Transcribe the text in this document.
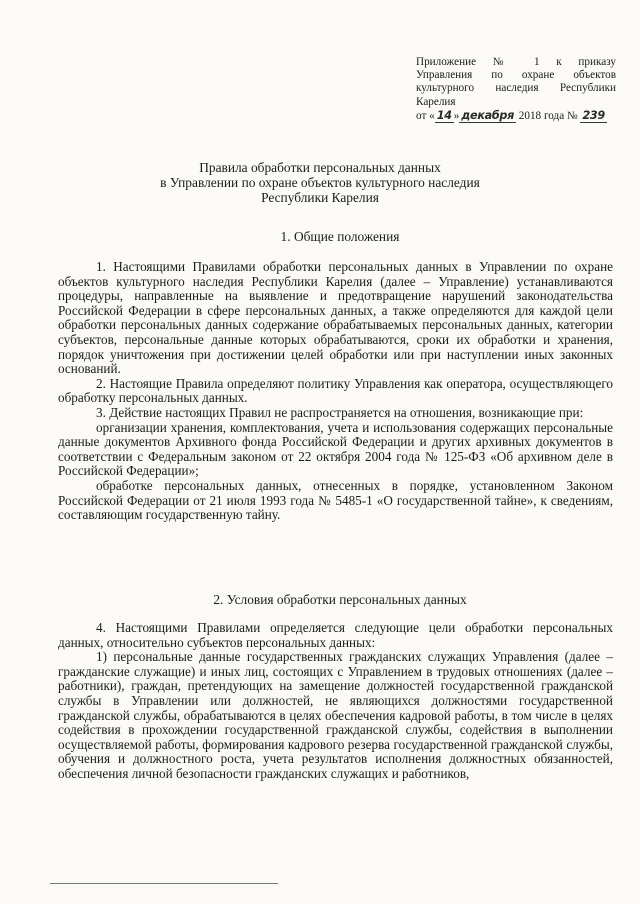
Приложение № 1 к приказу
Управления по охране объектов
культурного наследия Республики
Карелия
от « 14 » декабря 2018 года № 239
Правила обработки персональных данных
в Управлении по охране объектов культурного наследия
Республики Карелия
1. Общие положения

1. Настоящими Правилами обработки персональных данных в Управлении по охране объектов культурного наследия Республики Карелия (далее – Управление) устанавливаются процедуры, направленные на выявление и предотвращение нарушений законодательства Российской Федерации в сфере персональных данных, а также определяются для каждой цели обработки персональных данных содержание обрабатываемых персональных данных, категории субъектов, персональные данные которых обрабатываются, сроки их обработки и хранения, порядок уничтожения при достижении целей обработки или при наступлении иных законных оснований.

2. Настоящие Правила определяют политику Управления как оператора, осуществляющего обработку персональных данных.

3. Действие настоящих Правил не распространяется на отношения, возникающие при:

организации хранения, комплектования, учета и использования содержащих персональные данные документов Архивного фонда Российской Федерации и других архивных документов в соответствии с Федеральным законом от 22 октября 2004 года № 125-ФЗ «Об архивном деле в Российской Федерации»;

обработке персональных данных, отнесенных в порядке, установленном Законом Российской Федерации от 21 июля 1993 года № 5485-1 «О государственной тайне», к сведениям, составляющим государственную тайну.

2. Условия обработки персональных данных

4. Настоящими Правилами определяется следующие цели обработки персональных данных, относительно субъектов персональных данных:

1) персональные данные государственных гражданских служащих Управления (далее – гражданские служащие) и иных лиц, состоящих с Управлением в трудовых отношениях (далее – работники), граждан, претендующих на замещение должностей государственной гражданской службы в Управлении или должностей, не являющихся должностями государственной гражданской службы, обрабатываются в целях обеспечения кадровой работы, в том числе в целях содействия в прохождении государственной гражданской службы, содействия в выполнении осуществляемой работы, формирования кадрового резерва государственной гражданской службы, обучения и должностного роста, учета результатов исполнения должностных обязанностей, обеспечения личной безопасности гражданских служащих и работников,
